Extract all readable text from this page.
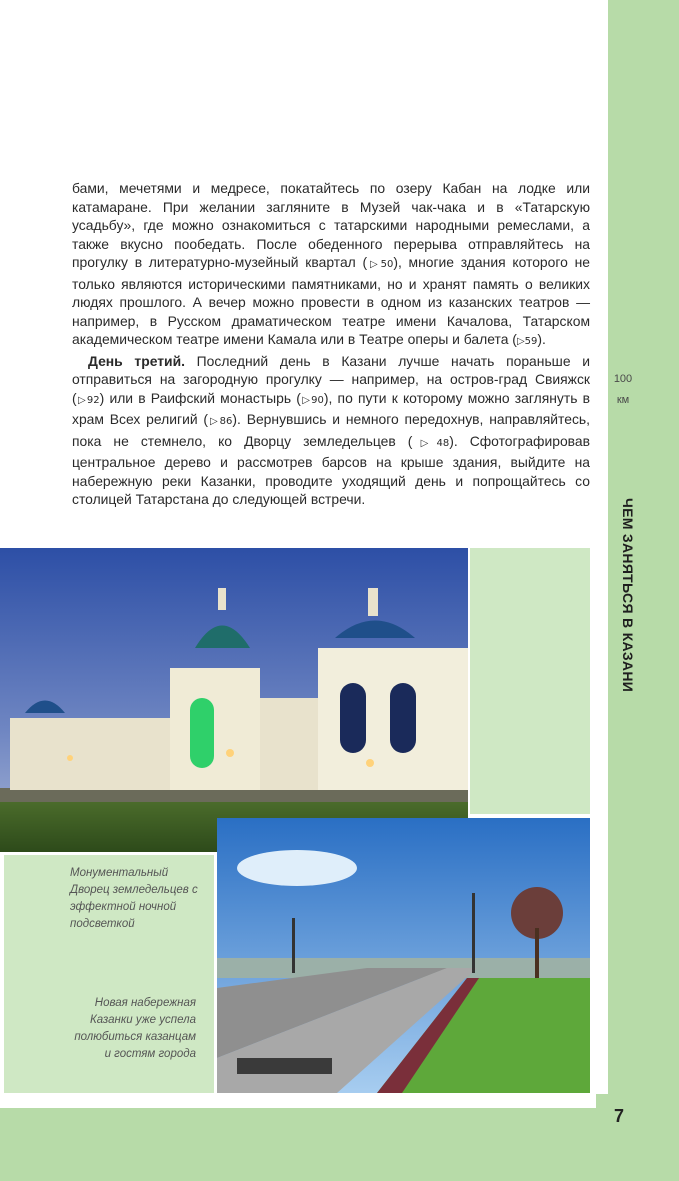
7
100
км
ЧЕМ ЗАНЯТЬСЯ В КАЗАНИ

бами, мечетями и медресе, покатайтесь по озеру Кабан на лодке или катамаране. При желании загляните в Музей чак-чака и в «Татарскую усадьбу», где можно ознакомиться с татарскими народными ремеслами, а также вкусно пообедать. После обеденного перерыва отправляйтесь на прогулку в литературно-музейный квартал (▷50), многие здания которого не только являются историческими памятниками, но и хранят память о великих людях прошлого. А вечер можно провести в одном из казанских театров — например, в Русском драматическом театре имени Качалова, Татарском академическом театре имени Камала или в Театре оперы и балета (▷59).

День третий. Последний день в Казани лучше начать пораньше и отправиться на загородную прогулку — например, на остров-град Свияжск (▷92) или в Раифский монастырь (▷90), по пути к которому можно заглянуть в храм Всех религий (▷86). Вернувшись и немного передохнув, направляйтесь, пока не стемнело, ко Дворцу земледельцев (▷48). Сфотографировав центральное дерево и рассмотрев барсов на крыше здания, выйдите на набережную реки Казанки, проводите уходящий день и попрощайтесь со столицей Татарстана до следующей встречи.

Монументальный Дворец земледельцев с эффектной ночной подсветкой
Новая набережная Казанки уже успела полюбиться казанцам и гостям города
